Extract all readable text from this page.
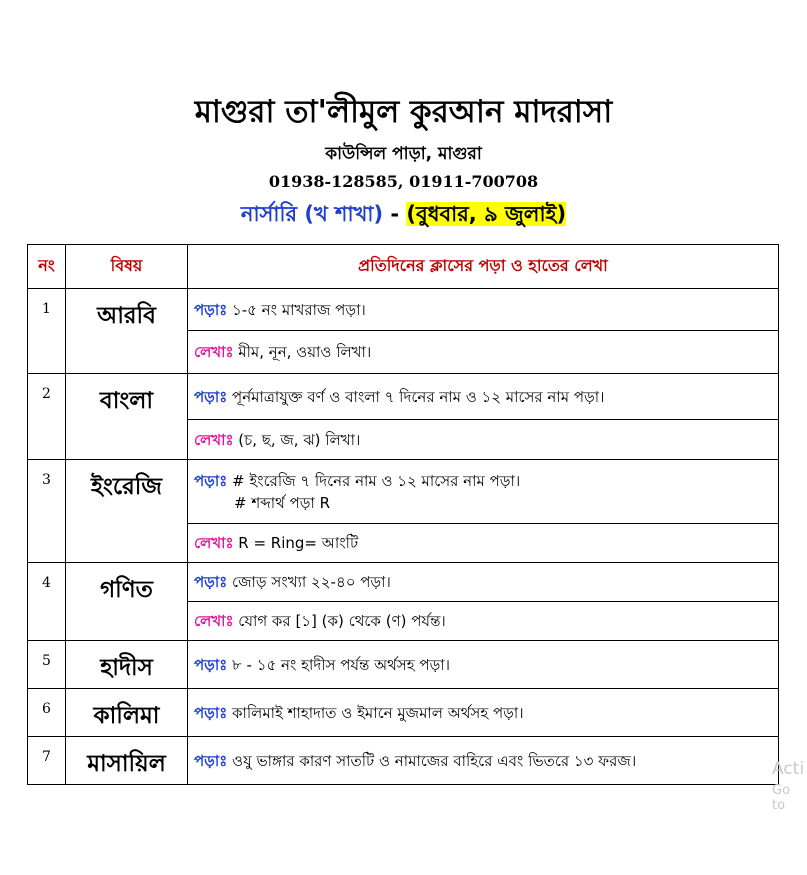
মাগুরা তা'লীমুল কুরআন মাদরাসা
কাউন্সিল পাড়া, মাগুরা
01938-128585, 01911-700708
নার্সারি (খ শাখা) - (বুধবার, ৯ জুলাই)
নং	বিষয়	প্রতিদিনের ক্লাসের পড়া ও হাতের লেখা
1	আরবি	পড়াঃ ১-৫ নং মাখরাজ পড়া।
		লেখাঃ মীম, নূন, ওয়াও লিখা।
2	বাংলা	পড়াঃ পূর্নমাত্রাযুক্ত বর্ণ ও বাংলা ৭ দিনের নাম ও ১২ মাসের নাম পড়া।
		লেখাঃ (চ, ছ, জ, ঝ) লিখা।
3	ইংরেজি	পড়াঃ # ইংরেজি ৭ দিনের নাম ও ১২ মাসের নাম পড়া।
# শব্দার্থ পড়া R

		লেখাঃ R = Ring= আংটি
4	গণিত	পড়াঃ জোড় সংখ্যা ২২-৪০ পড়া।
		লেখাঃ যোগ কর [১] (ক) থেকে (ণ) পর্যন্ত।
5	হাদীস	পড়াঃ ৮ - ১৫ নং হাদীস পর্যন্ত অর্থসহ পড়া।
6	কালিমা	পড়াঃ কালিমাই শাহাদাত ও ইমানে মুজমাল অর্থসহ পড়া।
7	মাসায়িল	পড়াঃ ওযু ভাঙ্গার কারণ সাতটি ও নামাজের বাহিরে এবং ভিতরে ১৩ ফরজ।	Acti
Go to
